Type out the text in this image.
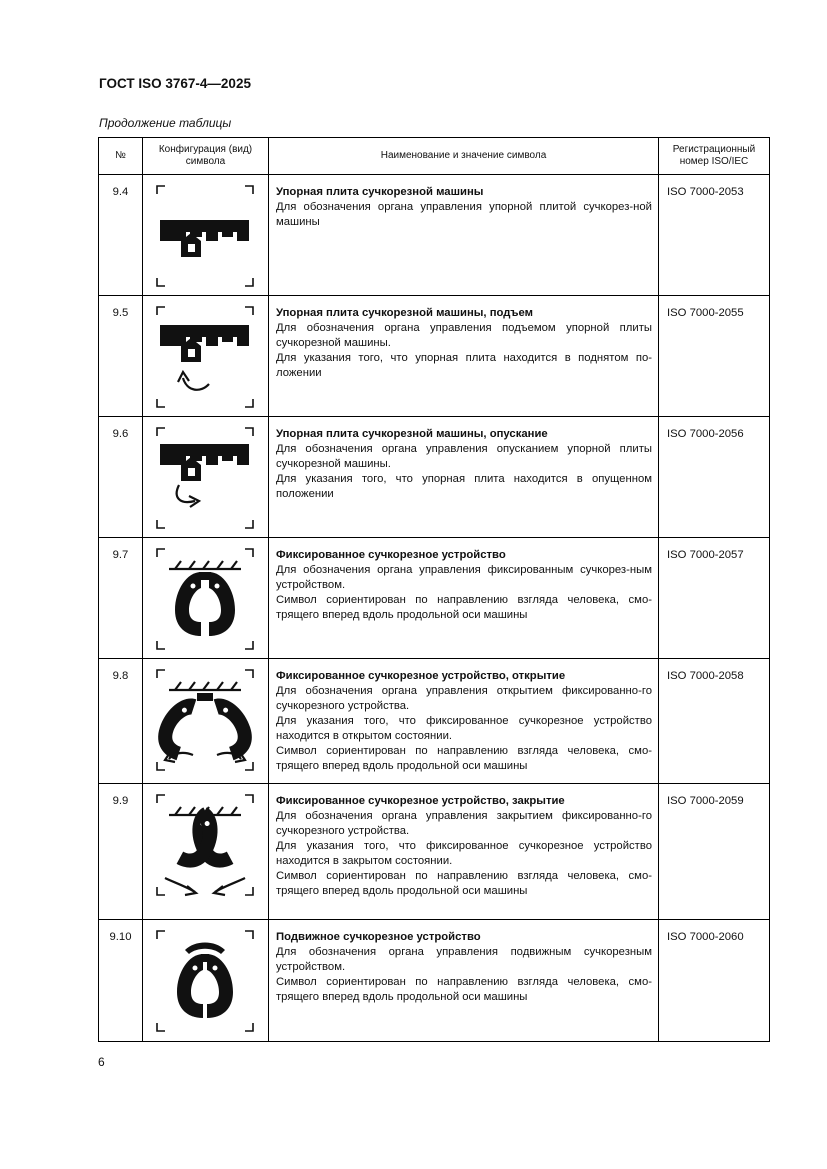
ГОСТ ISO 3767-4—2025
Продолжение таблицы
№	Конфигурация (вид) символа	Наименование и значение символа	Регистрационный номер ISO/IEC
9.4		Упорная плита сучкорезной машины
Для обозначения органа управления упорной плитой сучкорез-ной машины	ISO 7000-2053
9.5		Упорная плита сучкорезной машины, подъем
Для обозначения органа управления подъемом упорной плиты сучкорезной машины.
Для указания того, что упорная плита находится в поднятом по-ложении	ISO 7000-2055
9.6		Упорная плита сучкорезной машины, опускание
Для обозначения органа управления опусканием упорной плиты сучкорезной машины.
Для указания того, что упорная плита находится в опущенном положении	ISO 7000-2056
9.7		Фиксированное сучкорезное устройство
Для обозначения органа управления фиксированным сучкорез-ным устройством.
Символ сориентирован по направлению взгляда человека, смо-трящего вперед вдоль продольной оси машины	ISO 7000-2057
9.8		Фиксированное сучкорезное устройство, открытие
Для обозначения органа управления открытием фиксированно-го сучкорезного устройства.
Для указания того, что фиксированное сучкорезное устройство находится в открытом состоянии.
Символ сориентирован по направлению взгляда человека, смо-трящего вперед вдоль продольной оси машины	ISO 7000-2058
9.9		Фиксированное сучкорезное устройство, закрытие
Для обозначения органа управления закрытием фиксированно-го сучкорезного устройства.
Для указания того, что фиксированное сучкорезное устройство находится в закрытом состоянии.
Символ сориентирован по направлению взгляда человека, смо-трящего вперед вдоль продольной оси машины	ISO 7000-2059
9.10		Подвижное сучкорезное устройство
Для обозначения органа управления подвижным сучкорезным устройством.
Символ сориентирован по направлению взгляда человека, смо-трящего вперед вдоль продольной оси машины	ISO 7000-2060
6
